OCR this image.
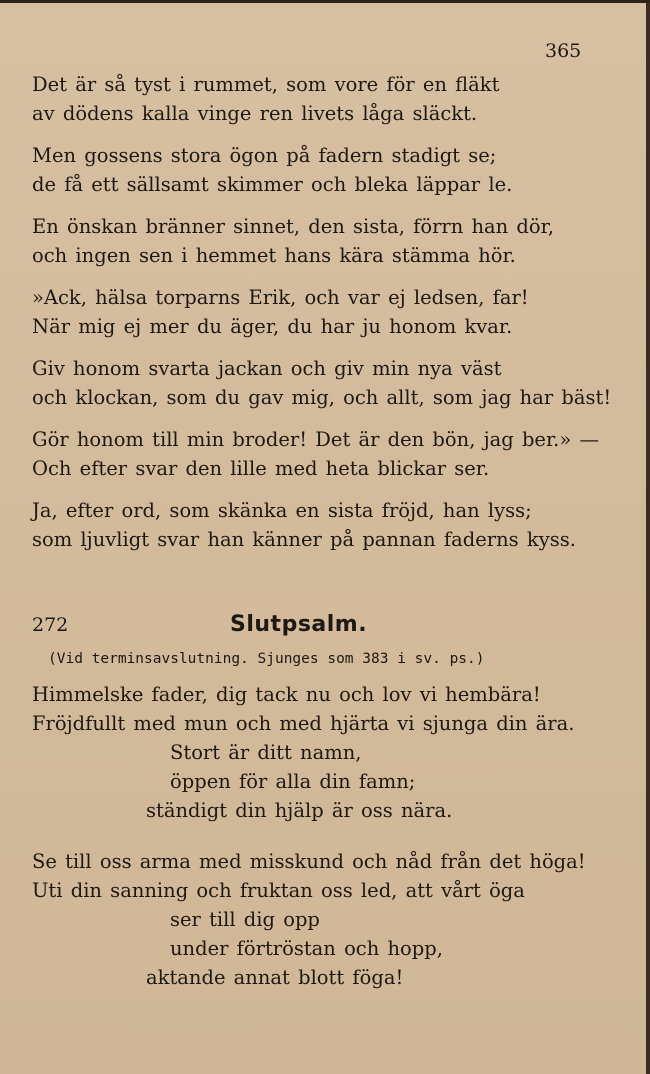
365
Det är så tyst i rummet, som vore för en fläkt
av dödens kalla vinge ren livets låga släckt.
Men gossens stora ögon på fadern stadigt se;
de få ett sällsamt skimmer och bleka läppar le.
En önskan bränner sinnet, den sista, förrn han dör,
och ingen sen i hemmet hans kära stämma hör.
»Ack, hälsa torparns Erik, och var ej ledsen, far!
När mig ej mer du äger, du har ju honom kvar.
Giv honom svarta jackan och giv min nya väst
och klockan, som du gav mig, och allt, som jag har bäst!
Gör honom till min broder! Det är den bön, jag ber.» —
Och efter svar den lille med heta blickar ser.
Ja, efter ord, som skänka en sista fröjd, han lyss;
som ljuvligt svar han känner på pannan faderns kyss.
272	Slutpsalm.
(Vid terminsavslutning. Sjunges som 383 i sv. ps.)
Himmelske fader, dig tack nu och lov vi hembära!
Fröjdfullt med mun och med hjärta vi sjunga din ära.
Stort är ditt namn,
öppen för alla din famn;
ständigt din hjälp är oss nära.
Se till oss arma med misskund och nåd från det höga!
Uti din sanning och fruktan oss led, att vårt öga
ser till dig opp
under förtröstan och hopp,
aktande annat blott föga!
